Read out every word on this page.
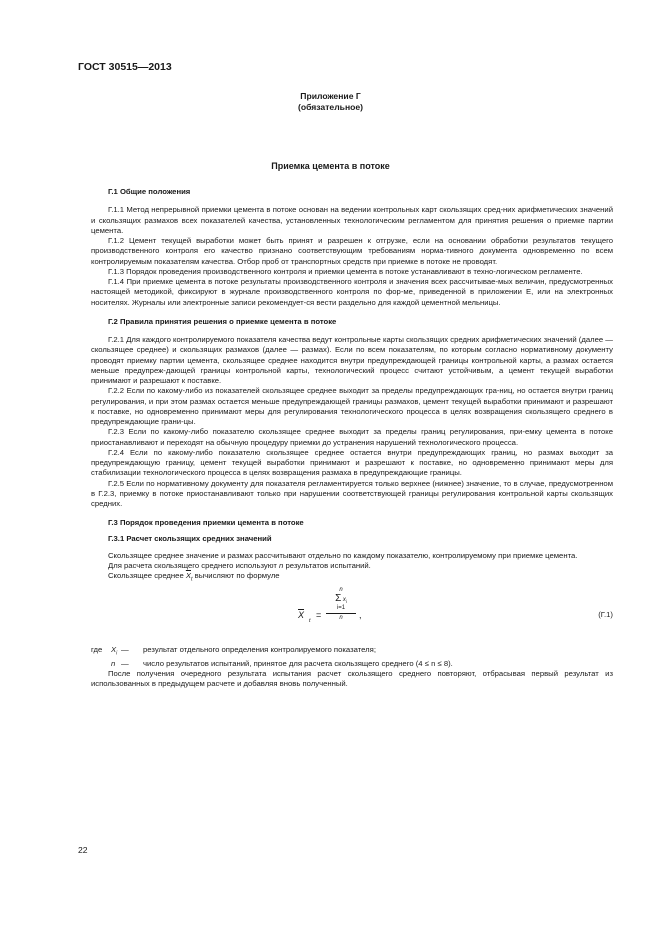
ГОСТ 30515—2013
Приложение Г
(обязательное)
Приемка цемента в потоке

Г.1 Общие положения

Г.1.1 Метод непрерывной приемки цемента в потоке основан на ведении контрольных карт скользящих сред-них арифметических значений и скользящих размахов всех показателей качества, установленных технологическим регламентом для принятия решения о приемке партии цемента.

Г.1.2 Цемент текущей выработки может быть принят и разрешен к отгрузке, если на основании обработки результатов текущего производственного контроля его качество признано соответствующим требованиям норма-тивного документа одновременно по всем контролируемым показателям качества. Отбор проб от транспортных средств при приемке в потоке не проводят.

Г.1.3 Порядок проведения производственного контроля и приемки цемента в потоке устанавливают в техно-логическом регламенте.

Г.1.4 При приемке цемента в потоке результаты производственного контроля и значения всех рассчитывае-мых величин, предусмотренных настоящей методикой, фиксируют в журнале производственного контроля по фор-ме, приведенной в приложении Е, или на электронных носителях. Журналы или электронные записи рекомендует-ся вести раздельно для каждой цементной мельницы.

Г.2 Правила принятия решения о приемке цемента в потоке

Г.2.1 Для каждого контролируемого показателя качества ведут контрольные карты скользящих средних арифметических значений (далее — скользящее среднее) и скользящих размахов (далее — размах). Если по всем показателям, по которым согласно нормативному документу проводят приемку партии цемента, скользящее среднее находится внутри предупреждающей границы контрольной карты, а размах остается меньше предупреж-дающей границы контрольной карты, технологический процесс считают устойчивым, а цемент текущей выработки принимают и разрешают к поставке.

Г.2.2 Если по какому-либо из показателей скользящее среднее выходит за пределы предупреждающих гра-ниц, но остается внутри границ регулирования, и при этом размах остается меньше предупреждающей границы размахов, цемент текущей выработки принимают и разрешают к поставке, но одновременно принимают меры для регулирования технологического процесса в целях возвращения скользящего среднего в предупреждающие грани-цы.

Г.2.3 Если по какому-либо показателю скользящее среднее выходит за пределы границ регулирования, при-емку цемента в потоке приостанавливают и переходят на обычную процедуру приемки до устранения нарушений технологического процесса.

Г.2.4 Если по какому-либо показателю скользящее среднее остается внутри предупреждающих границ, но размах выходит за предупреждающую границу, цемент текущей выработки принимают и разрешают к поставке, но одновременно принимают меры для стабилизации технологического процесса в целях возвращения размаха в предупреждающие границы.

Г.2.5 Если по нормативному документу для показателя регламентируется только верхнее (нижнее) значение, то в случае, предусмотренном в Г.2.3, приемку в потоке приостанавливают только при нарушении соответствующей границы регулирования контрольной карты скользящих средних.

Г.3 Порядок проведения приемки цемента в потоке

Г.3.1 Расчет скользящих средних значений

Скользящее среднее значение и размах рассчитывают отдельно по каждому показателю, контролируемому при приемке цемента.

Для расчета скользящего среднего используют n результатов испытаний.

Скользящее среднее $\overline{X}_t$ вычисляют по формуле

$\overline{X}$
t
=
n
Σ $x_i$
i=1
n	,	(Г.1)
где	$X_i$ —	результат отдельного определения контролируемого показателя;
n —	число результатов испытаний, принятое для расчета скользящего среднего (4 ≤ n ≤ 8).

После получения очередного результата испытания расчет скользящего среднего повторяют, отбрасывая первый результат из использованных в предыдущем расчете и добавляя вновь полученный.

22
